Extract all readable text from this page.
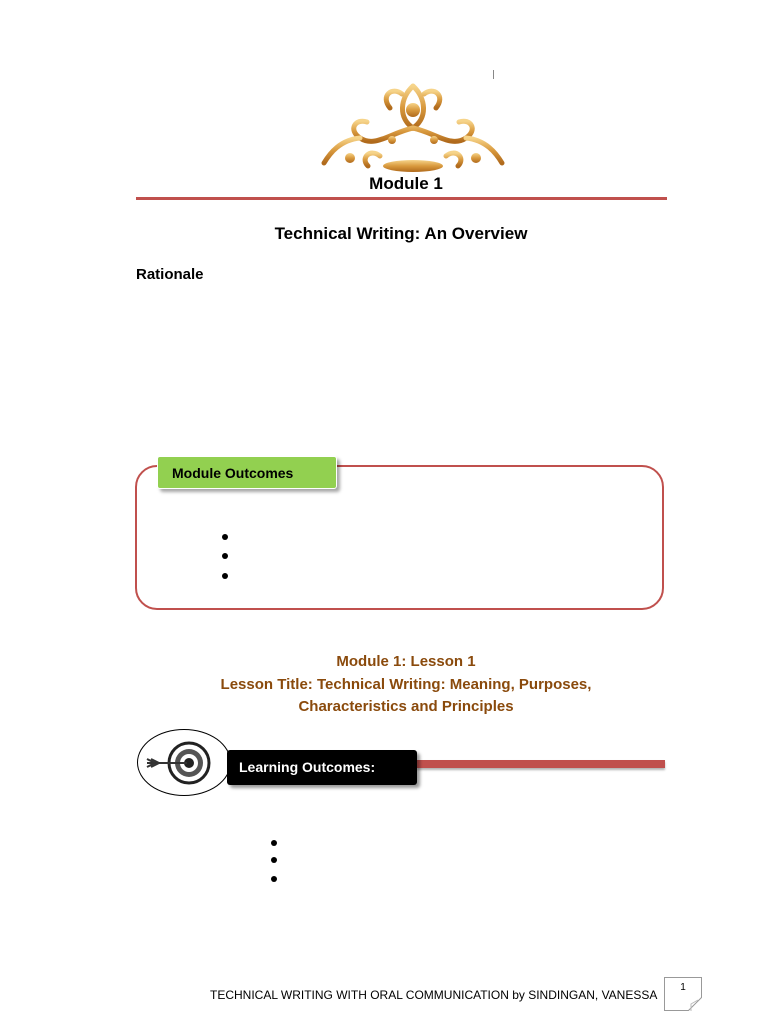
Module 1
Technical Writing: An Overview
Rationale
Module Outcomes
Module 1: Lesson 1
Lesson Title: Technical Writing: Meaning, Purposes,
Characteristics and Principles
Learning Outcomes:
TECHNICAL WRITING WITH ORAL COMMUNICATION by SINDINGAN, VANESSA
1
